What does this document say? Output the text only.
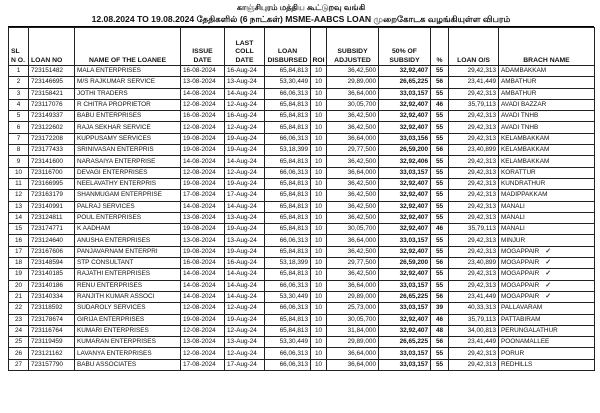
காஞ்சிபுரம் மத்திய கூட்டுறவு வங்கி
12.08.2024 TO 19.08.2024 தேதிகளில் (6 நாட்கள்) MSME-AABCS LOAN முறைகோடக வழங்கியுள்ள விபரம்
SL N O.	LOAN NO	NAME OF THE LOANEE	ISSUE DATE	LAST COLL DATE	LOAN DISBURSED	ROI	SUBSIDY ADJUSTED	50% OF SUBSIDY	%	LOAN O/S	BRACH NAME
1	723151482	MALA ENTERPRISES	16-08-2024	16-Aug-24	65,84,813	10	36,42,500	32,92,407	55	29,42,313	ADAMBAKKAM
2	723146695	M/S RAJKUMAR SERVICE	13-08-2024	13-Aug-24	53,30,449	10	29,89,000	26,65,225	56	23,41,449	AMBATHUR
3	723158421	JOTHI TRADERS	14-08-2024	14-Aug-24	66,06,313	10	36,64,000	33,03,157	55	29,42,313	AMBATHUR
4	723117076	R CHITRA PROPRIETOR	12-08-2024	12-Aug-24	65,84,813	10	30,05,700	32,92,407	46	35,79,113	AVADI BAZZAR
5	723149337	BABU ENTERPRISES	16-08-2024	16-Aug-24	65,84,813	10	36,42,500	32,92,407	55	29,42,313	AVADI TNHB
6	723122602	RAJA SEKHAR SERVICE	12-08-2024	12-Aug-24	65,84,813	10	36,42,500	32,92,407	55	29,42,313	AVADI TNHB
7	723172208	KUPPUSAMY SERVICES	19-08-2024	19-Aug-24	66,06,313	10	36,64,000	33,03,156	55	29,42,313	KELAMBAKKAM
8	723177433	SRINIVASAN ENTERPRIS	19-08-2024	19-Aug-24	53,18,399	10	29,77,500	26,59,200	56	23,40,899	KELAMBAKKAM
9	723141600	NARASAIYA ENTERPRISE	14-08-2024	14-Aug-24	65,84,813	10	36,42,500	32,92,406	55	29,42,313	KELAMBAKKAM
10	723116700	DEVAGI ENTERPRISES	12-08-2024	12-Aug-24	66,06,313	10	36,64,000	33,03,157	55	29,42,313	KORATTUR
11	723166995	NEELAVATHY ENTERPRIS	19-08-2024	19-Aug-24	65,84,813	10	36,42,500	32,92,407	55	29,42,313	KUNDRATHUR
12	723163179	SHANMUGAM ENTERPRISE	17-08-2024	17-Aug-24	65,84,813	10	36,42,500	32,92,407	55	29,42,313	MADIPPAKKAM
13	723140991	PALRAJ SERVICES	14-08-2024	14-Aug-24	65,84,813	10	36,42,500	32,92,407	55	29,42,313	MANALI
14	723124811	POUL ENTERPRISES	13-08-2024	13-Aug-24	65,84,813	10	36,42,500	32,92,407	55	29,42,313	MANALI
15	723174771	K AADHAM	19-08-2024	19-Aug-24	65,84,813	10	30,05,700	32,92,407	46	35,79,113	MANALI
16	723124640	ANUSHA ENTERPRISES	13-08-2024	13-Aug-24	66,06,313	10	36,64,000	33,03,157	55	29,42,313	MINJUR
17	723167606	PANJAVARNAM ENTERPRI	19-08-2024	19-Aug-24	65,84,813	10	36,42,500	32,92,407	55	29,42,313	MOGAPPAIR ✓
18	723148594	STP CONSULTANT	16-08-2024	16-Aug-24	53,18,399	10	29,77,500	26,59,200	56	23,40,899	MOGAPPAIR ✓
19	723140185	RAJATHI ENTERPRISES	14-08-2024	14-Aug-24	65,84,813	10	36,42,500	32,92,407	55	29,42,313	MOGAPPAIR ✓
20	723140186	RENU ENTERPRISES	14-08-2024	14-Aug-24	66,06,313	10	36,64,000	33,03,157	55	29,42,313	MOGAPPAIR ✓
21	723140334	RANJITH KUMAR ASSOCI	14-08-2024	14-Aug-24	53,30,449	10	29,89,000	26,65,225	56	23,41,449	MOGAPPAIR ✓
22	723118592	SUDAROLY SERVICES	12-08-2024	12-Aug-24	66,06,313	10	25,73,000	33,03,157	39	40,33,313	PALLAVARAM
23	723178674	GIRIJA ENTERPRISES	19-08-2024	19-Aug-24	65,84,813	10	30,05,700	32,92,407	46	35,79,113	PATTABIRAM
24	723116764	KUMARI ENTERPRISES	12-08-2024	12-Aug-24	65,84,813	10	31,84,000	32,92,407	48	34,00,813	PERUNGALATHUR
25	723119459	KUMARAN ENTERPRISES	13-08-2024	13-Aug-24	53,30,449	10	29,89,000	26,65,225	56	23,41,449	POONAMALLEE
26	723121162	LAVANYA ENTERPRISES	12-08-2024	12-Aug-24	66,06,313	10	36,64,000	33,03,157	55	29,42,313	PORUR
27	723157790	BABU ASSOCIATES	17-08-2024	17-Aug-24	66,06,313	10	36,64,000	33,03,157	55	29,42,313	REDHILLS
